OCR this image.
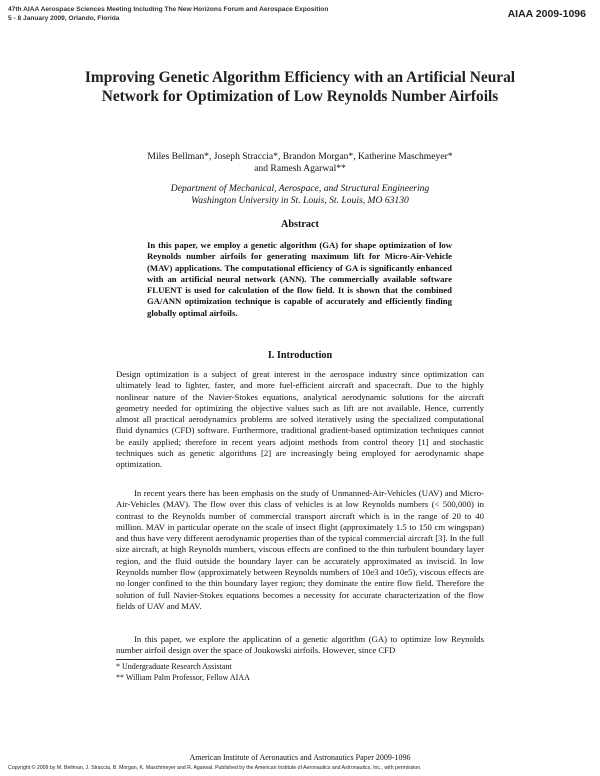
47th AIAA Aerospace Sciences Meeting Including The New Horizons Forum and Aerospace Exposition
5 - 8 January 2009, Orlando, Florida	AIAA 2009-1096
Improving Genetic Algorithm Efficiency with an Artificial Neural Network for Optimization of Low Reynolds Number Airfoils
Miles Bellman*, Joseph Straccia*, Brandon Morgan*, Katherine Maschmeyer*
and Ramesh Agarwal**
Department of Mechanical, Aerospace, and Structural Engineering
Washington University in St. Louis, St. Louis, MO 63130
Abstract
In this paper, we employ a genetic algorithm (GA) for shape optimization of low Reynolds number airfoils for generating maximum lift for Micro-Air-Vehicle (MAV) applications. The computational efficiency of GA is significantly enhanced with an artificial neural network (ANN). The commercially available software FLUENT is used for calculation of the flow field. It is shown that the combined GA/ANN optimization technique is capable of accurately and efficiently finding globally optimal airfoils.
I. Introduction
Design optimization is a subject of great interest in the aerospace industry since optimization can ultimately lead to lighter, faster, and more fuel-efficient aircraft and spacecraft. Due to the highly nonlinear nature of the Navier-Stokes equations, analytical aerodynamic solutions for the aircraft geometry needed for optimizing the objective values such as lift are not available. Hence, currently almost all practical aerodynamics problems are solved iteratively using the specialized computational fluid dynamics (CFD) software. Furthermore, traditional gradient-based optimization techniques cannot be easily applied; therefore in recent years adjoint methods from control theory [1] and stochastic techniques such as genetic algorithms [2] are increasingly being employed for aerodynamic shape optimization.
In recent years there has been emphasis on the study of Unmanned-Air-Vehicles (UAV) and Micro-Air-Vehicles (MAV). The flow over this class of vehicles is at low Reynolds numbers (< 500,000) in contrast to the Reynolds number of commercial transport aircraft which is in the range of 20 to 40 million. MAV in particular operate on the scale of insect flight (approximately 1.5 to 150 cm wingspan) and thus have very different aerodynamic properties than of the typical commercial aircraft [3]. In the full size aircraft, at high Reynolds numbers, viscous effects are confined to the thin turbulent boundary layer region, and the fluid outside the boundary layer can be accurately approximated as inviscid. In low Reynolds number flow (approximately between Reynolds numbers of 10e3 and 10e5), viscous effects are no longer confined to the thin boundary layer region; they dominate the entire flow field. Therefore the solution of full Navier-Stokes equations becomes a necessity for accurate characterization of the flow fields of UAV and MAV.
In this paper, we explore the application of a genetic algorithm (GA) to optimize low Reynolds number airfoil design over the space of Joukowski airfoils. However, since CFD
* Undergraduate Research Assistant
** William Palm Professor, Fellow AIAA
American Institute of Aeronautics and Astronautics Paper 2009-1096
Copyright © 2009 by M. Bellman, J. Straccia, B. Morgan, K. Maschmeyer and R. Agarwal. Published by the American Institute of Aeronautics and Astronautics, Inc., with permission.
